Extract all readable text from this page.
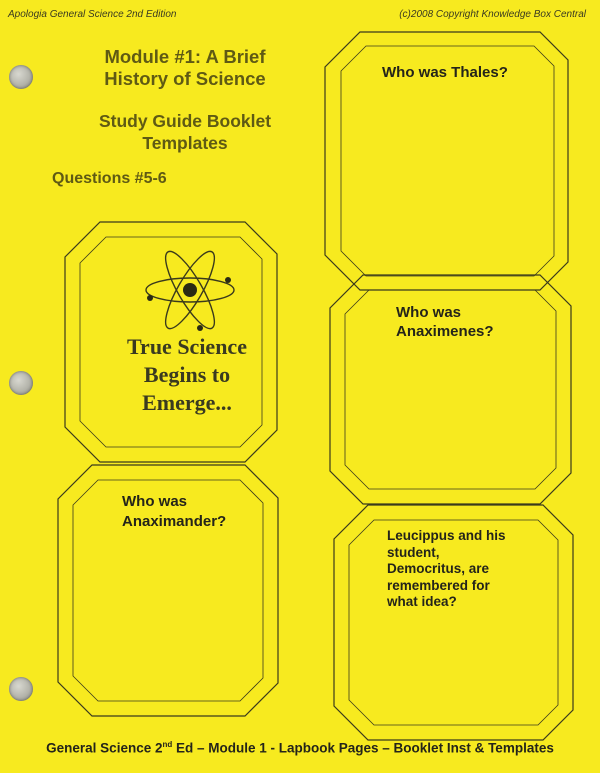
Apologia General Science 2nd Edition	(c)2008 Copyright Knowledge Box Central
Module #1: A Brief
History of Science
Study Guide Booklet
Templates
Questions #5-6
True Science
Begins to
Emerge...
Who was Thales?
Who was
Anaximenes?
Who was
Anaximander?
Leucippus and his
student,
Democritus, are
remembered for
what idea?
General Science 2nd Ed – Module 1 - Lapbook Pages – Booklet Inst & Templates
